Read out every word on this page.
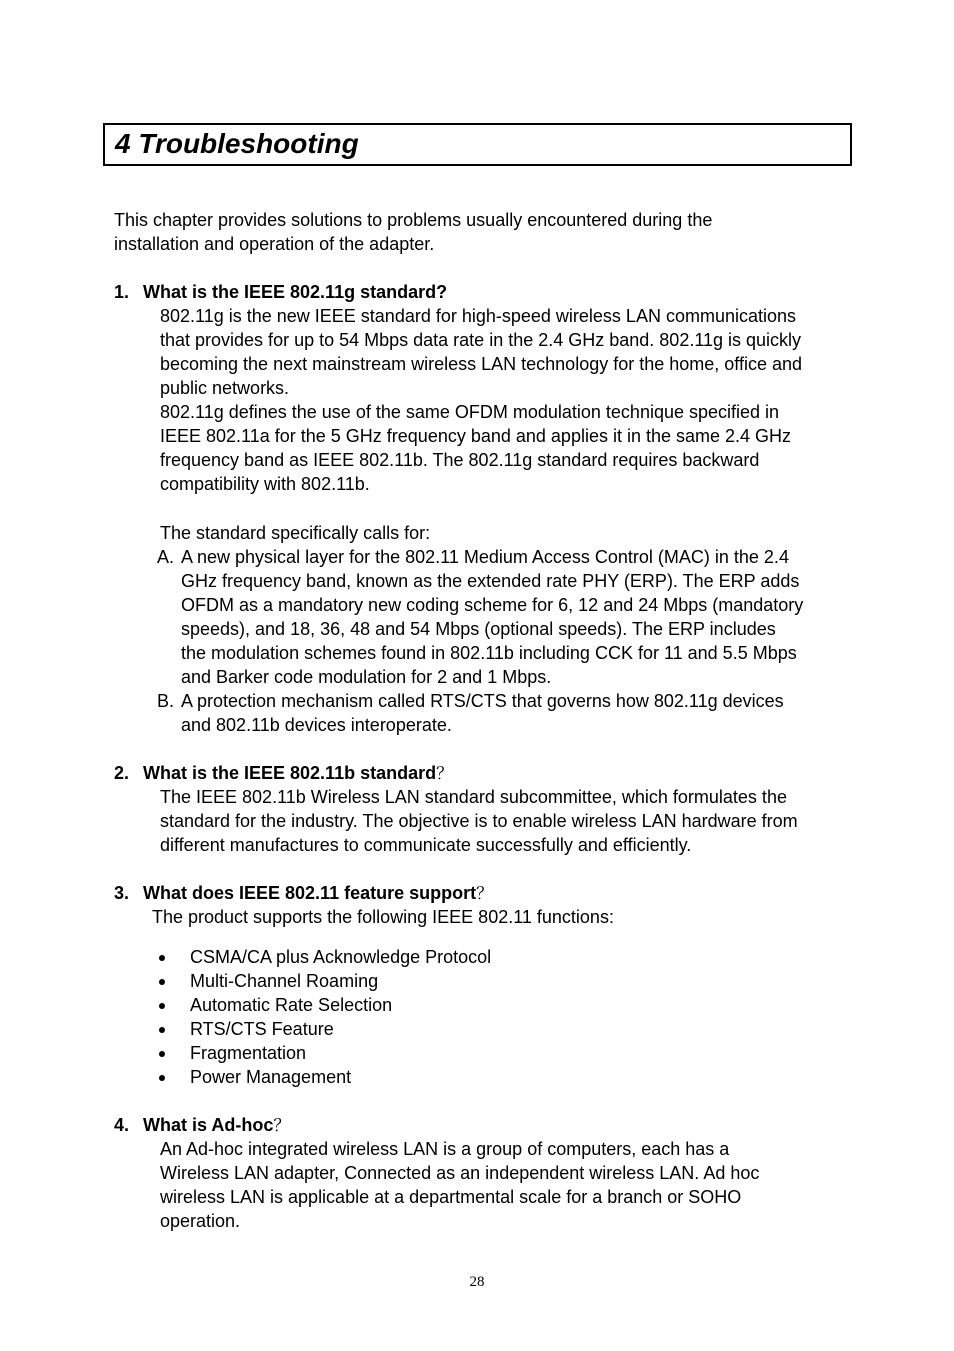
4 Troubleshooting
This chapter provides solutions to problems usually encountered during the
installation and operation of the adapter.
1. What is the IEEE 802.11g standard?
802.11g is the new IEEE standard for high-speed wireless LAN communications
that provides for up to 54 Mbps data rate in the 2.4 GHz band. 802.11g is quickly
becoming the next mainstream wireless LAN technology for the home, office and
public networks.
802.11g defines the use of the same OFDM modulation technique specified in
IEEE 802.11a for the 5 GHz frequency band and applies it in the same 2.4 GHz
frequency band as IEEE 802.11b. The 802.11g standard requires backward
compatibility with 802.11b.
The standard specifically calls for:
A. A new physical layer for the 802.11 Medium Access Control (MAC) in the 2.4
GHz frequency band, known as the extended rate PHY (ERP). The ERP adds
OFDM as a mandatory new coding scheme for 6, 12 and 24 Mbps (mandatory
speeds), and 18, 36, 48 and 54 Mbps (optional speeds). The ERP includes
the modulation schemes found in 802.11b including CCK for 11 and 5.5 Mbps
and Barker code modulation for 2 and 1 Mbps.
B. A protection mechanism called RTS/CTS that governs how 802.11g devices
and 802.11b devices interoperate.
2. What is the IEEE 802.11b standard？
The IEEE 802.11b Wireless LAN standard subcommittee, which formulates the
standard for the industry. The objective is to enable wireless LAN hardware from
different manufactures to communicate successfully and efficiently.
3. What does IEEE 802.11 feature support？
The product supports the following IEEE 802.11 functions:
CSMA/CA plus Acknowledge Protocol
Multi-Channel Roaming
Automatic Rate Selection
RTS/CTS Feature
Fragmentation
Power Management
4. What is Ad-hoc？
An Ad-hoc integrated wireless LAN is a group of computers, each has a
Wireless LAN adapter, Connected as an independent wireless LAN. Ad hoc
wireless LAN is applicable at a departmental scale for a branch or SOHO
operation.
28
